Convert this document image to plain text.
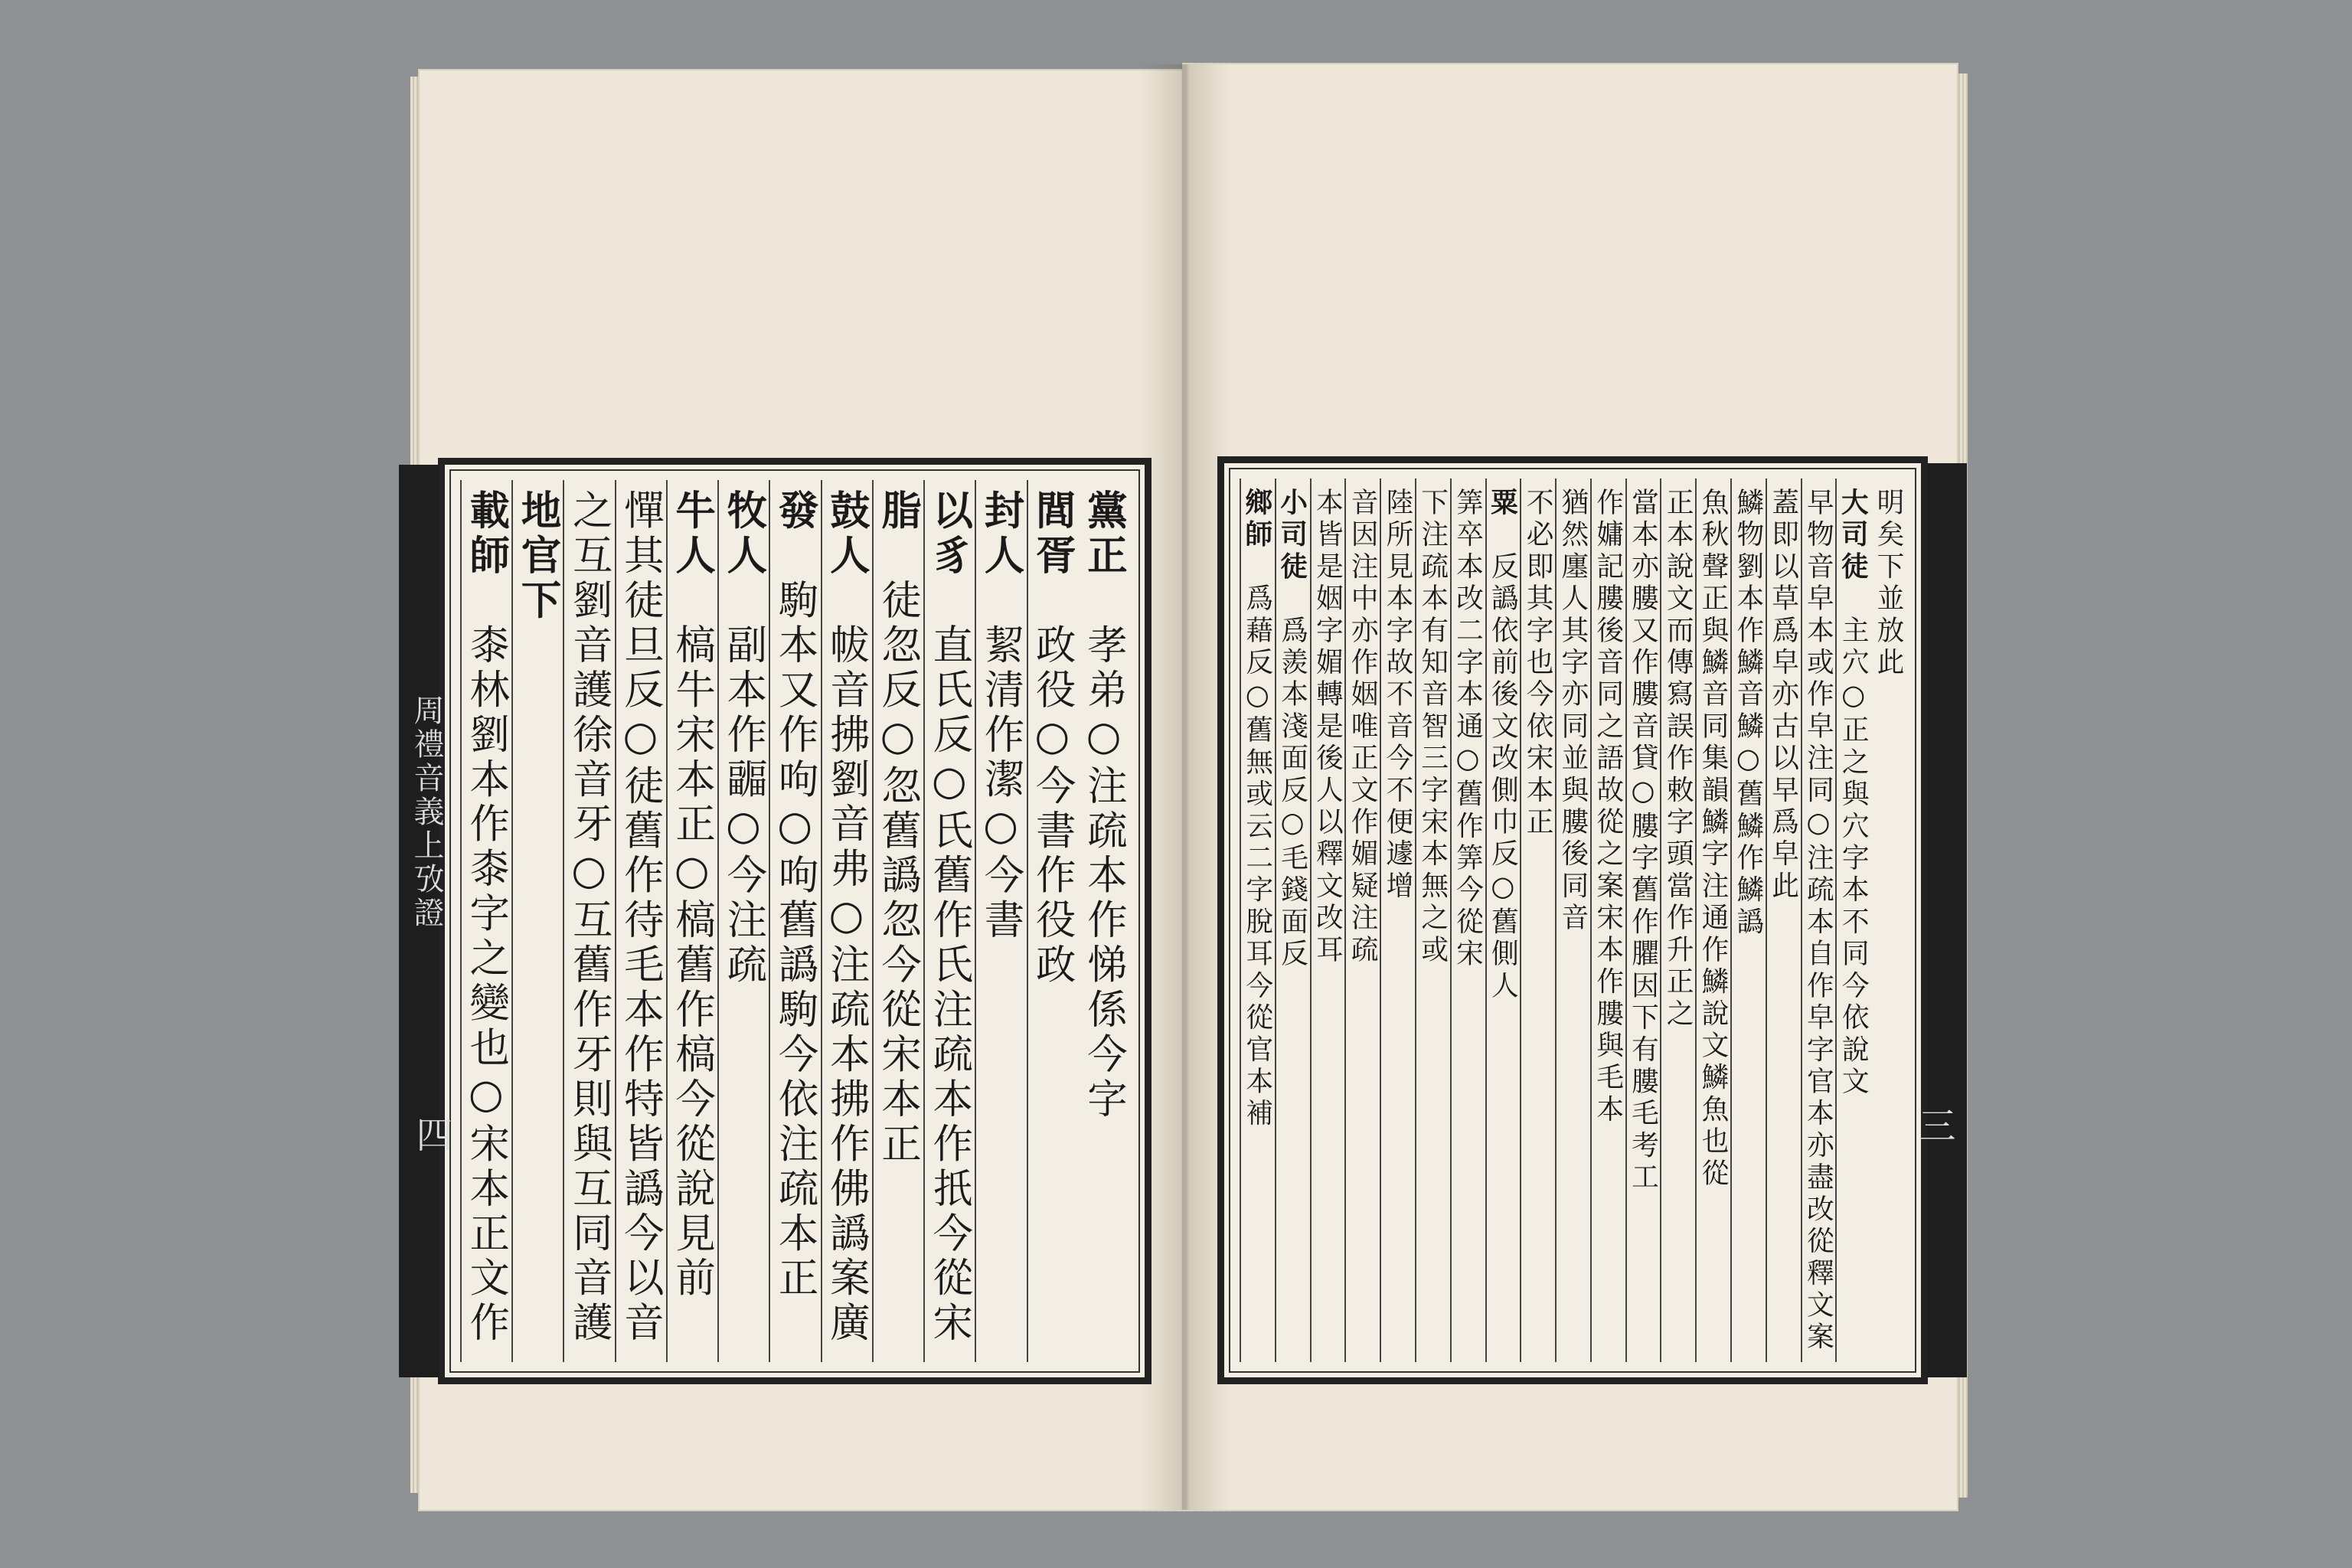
周禮音義上攷證
四
黨正　孝弟○注疏本作悌係今字
閭胥　政役○今書作役政
封人　絜清作潔○今書
以豸　直氏反○氏舊作氏注疏本作扺今從宋
脂　徒忽反○忽舊譌忽今從宋本正
鼓人　帗音拂劉音弗○注疏本拂作佛譌案廣
發　駒本又作呴○呴舊譌駒今依注疏本正
牧人　副本作疈○今注疏
牛人　槁牛宋本正○槁舊作槁今從說見前
憚其徒旦反○徒舊作待毛本作特皆譌今以音
之互劉音護徐音牙○互舊作牙則與互同音護
地官下
載師　桼林劉本作桼字之變也○宋本正文作
三
明矣下並放此
大司徒　主穴○正之與穴字本不同今依說文
早物音皁本或作皁注同○注疏本自作皁字官本亦盡改從釋文案
蓋即以草爲皁亦古以早爲皁此
鱗物劉本作鱗音鱗○舊鱗作鱗譌
魚秋聲正與鱗音同集韻鱗字注通作鱗說文鱗魚也從
正本說文而傳寫誤作敕字頭當作升正之
當本亦膢又作膢音貸○膢字舊作臞因下有膢毛考工
作嫞記膢後音同之語故從之案宋本作膢與毛本
猶然廛人其字亦同並與膢後同音
不必即其字也今依宋本正
粟　反譌依前後文改側巾反○舊側人
筭卒本改二字本通○舊作筭今從宋
下注疏本有知音智三字宋本無之或
陸所見本字故不音今不便遽增
音因注中亦作姻唯正文作媚疑注疏
本皆是姻字媚轉是後人以釋文改耳
小司徒　爲羨本淺面反○毛錢面反
鄉師　爲藉反○舊無或云二字脫耳今從官本補
